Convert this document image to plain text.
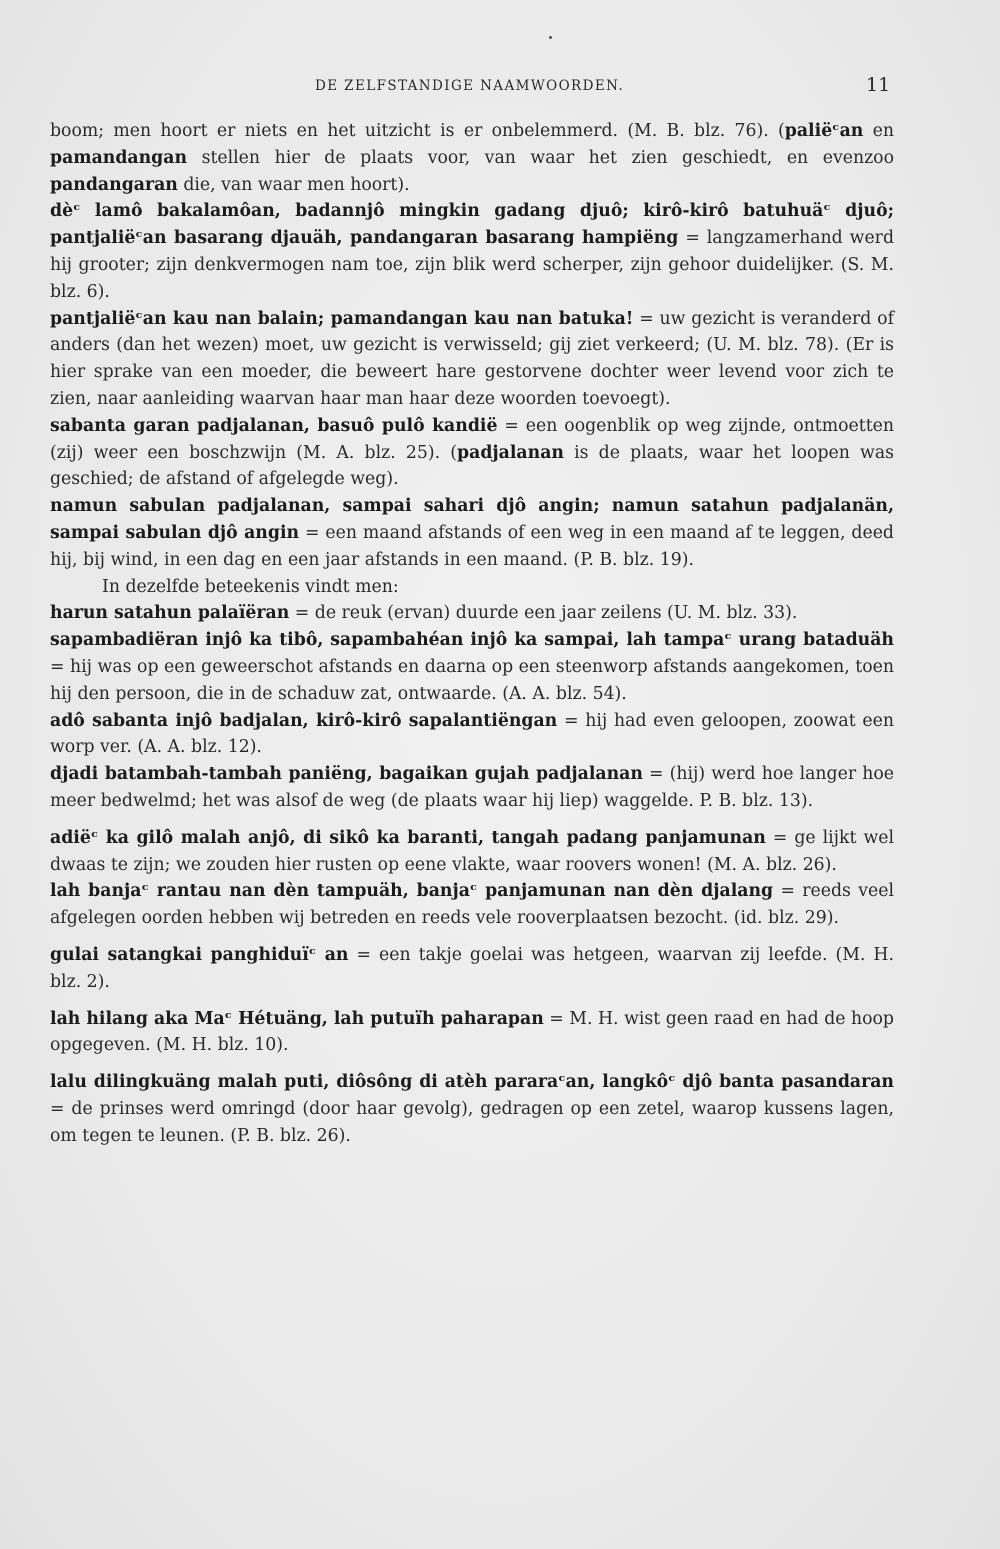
DE ZELFSTANDIGE NAAMWOORDEN.	11

boom; men hoort er niets en het uitzicht is er onbelemmerd. (M. B. blz. 76). (paliëᶜan en pamandangan stellen hier de plaats voor, van waar het zien geschiedt, en evenzoo pandangaran die, van waar men hoort).

dèᶜ lamô bakalamôan, badannjô mingkin gadang djuô; kirô-kirô batuhuäᶜ djuô; pantjaliëᶜan basarang djauäh, pandangaran basarang hampiëng = langzamerhand werd hij grooter; zijn denkvermogen nam toe, zijn blik werd scherper, zijn gehoor duidelijker. (S. M. blz. 6).

pantjaliëᶜan kau nan balain; pamandangan kau nan batuka! = uw gezicht is veranderd of anders (dan het wezen) moet, uw gezicht is verwisseld; gij ziet verkeerd; (U. M. blz. 78). (Er is hier sprake van een moeder, die beweert hare gestorvene dochter weer levend voor zich te zien, naar aanleiding waarvan haar man haar deze woorden toevoegt).

sabanta garan padjalanan, basuô pulô kandië = een oogenblik op weg zijnde, ontmoetten (zij) weer een boschzwijn (M. A. blz. 25). (padjalanan is de plaats, waar het loopen was geschied; de afstand of afgelegde weg).

namun sabulan padjalanan, sampai sahari djô angin; namun satahun padjalanän, sampai sabulan djô angin = een maand afstands of een weg in een maand af te leggen, deed hij, bij wind, in een dag en een jaar afstands in een maand. (P. B. blz. 19).

In dezelfde beteekenis vindt men:

harun satahun palaïëran = de reuk (ervan) duurde een jaar zeilens (U. M. blz. 33).

sapambadiëran injô ka tibô, sapambahéan injô ka sampai, lah tampaᶜ urang bataduäh = hij was op een geweerschot afstands en daarna op een steenworp afstands aangekomen, toen hij den persoon, die in de schaduw zat, ontwaarde. (A. A. blz. 54).

adô sabanta injô badjalan, kirô-kirô sapalantiëngan = hij had even geloopen, zoowat een worp ver. (A. A. blz. 12).

djadi batambah-tambah paniëng, bagaikan gujah padjalanan = (hij) werd hoe langer hoe meer bedwelmd; het was alsof de weg (de plaats waar hij liep) waggelde. P. B. blz. 13).

adiëᶜ ka gilô malah anjô, di sikô ka baranti, tangah padang panjamunan = ge lijkt wel dwaas te zijn; we zouden hier rusten op eene vlakte, waar roovers wonen! (M. A. blz. 26).

lah banjaᶜ rantau nan dèn tampuäh, banjaᶜ panjamunan nan dèn djalang = reeds veel afgelegen oorden hebben wij betreden en reeds vele rooverplaatsen bezocht. (id. blz. 29).

gulai satangkai panghiduïᶜ an = een takje goelai was hetgeen, waarvan zij leefde. (M. H. blz. 2).

lah hilang aka Maᶜ Hétuäng, lah putuïh paharapan = M. H. wist geen raad en had de hoop opgegeven. (M. H. blz. 10).

lalu dilingkuäng malah puti, diôsông di atèh pararaᶜan, langkôᶜ djô banta pasandaran = de prinses werd omringd (door haar gevolg), gedragen op een zetel, waarop kussens lagen, om tegen te leunen. (P. B. blz. 26).
